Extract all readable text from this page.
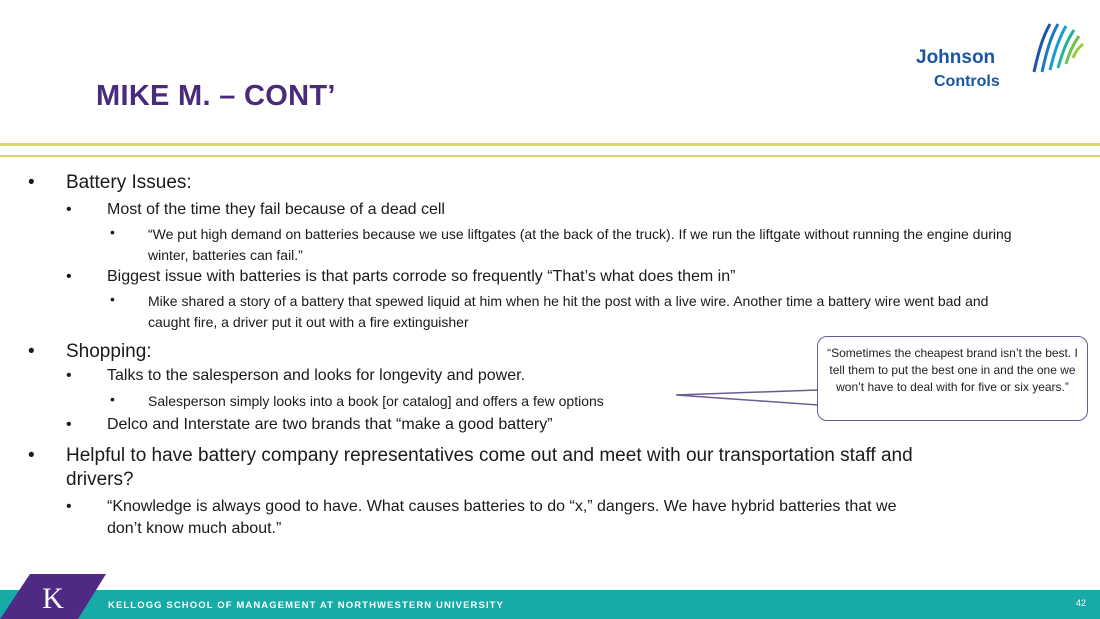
MIKE M. – CONT’
Johnson
Controls
• Battery Issues:
• Most of the time they fail because of a dead cell
• “We put high demand on batteries because we use liftgates (at the back of the truck). If we run the liftgate without running the engine during winter, batteries can fail.”
• Biggest issue with batteries is that parts corrode so frequently “That’s what does them in”
• Mike shared a story of a battery that spewed liquid at him when he hit the post with a live wire. Another time a battery wire went bad and caught fire, a driver put it out with a fire extinguisher
• Shopping:
• Talks to the salesperson and looks for longevity and power.
• Salesperson simply looks into a book [or catalog] and offers a few options
• Delco and Interstate are two brands that “make a good battery”
• Helpful to have battery company representatives come out and meet with our transportation staff and
drivers?
• “Knowledge is always good to have. What causes batteries to do “x,” dangers. We have hybrid batteries that we
don’t know much about.”
“Sometimes the cheapest brand isn’t the best. I tell them to put the best one in and the one we won’t have to deal with for five or six years.”
KELLOGG SCHOOL OF MANAGEMENT AT NORTHWESTERN UNIVERSITY	42
K
